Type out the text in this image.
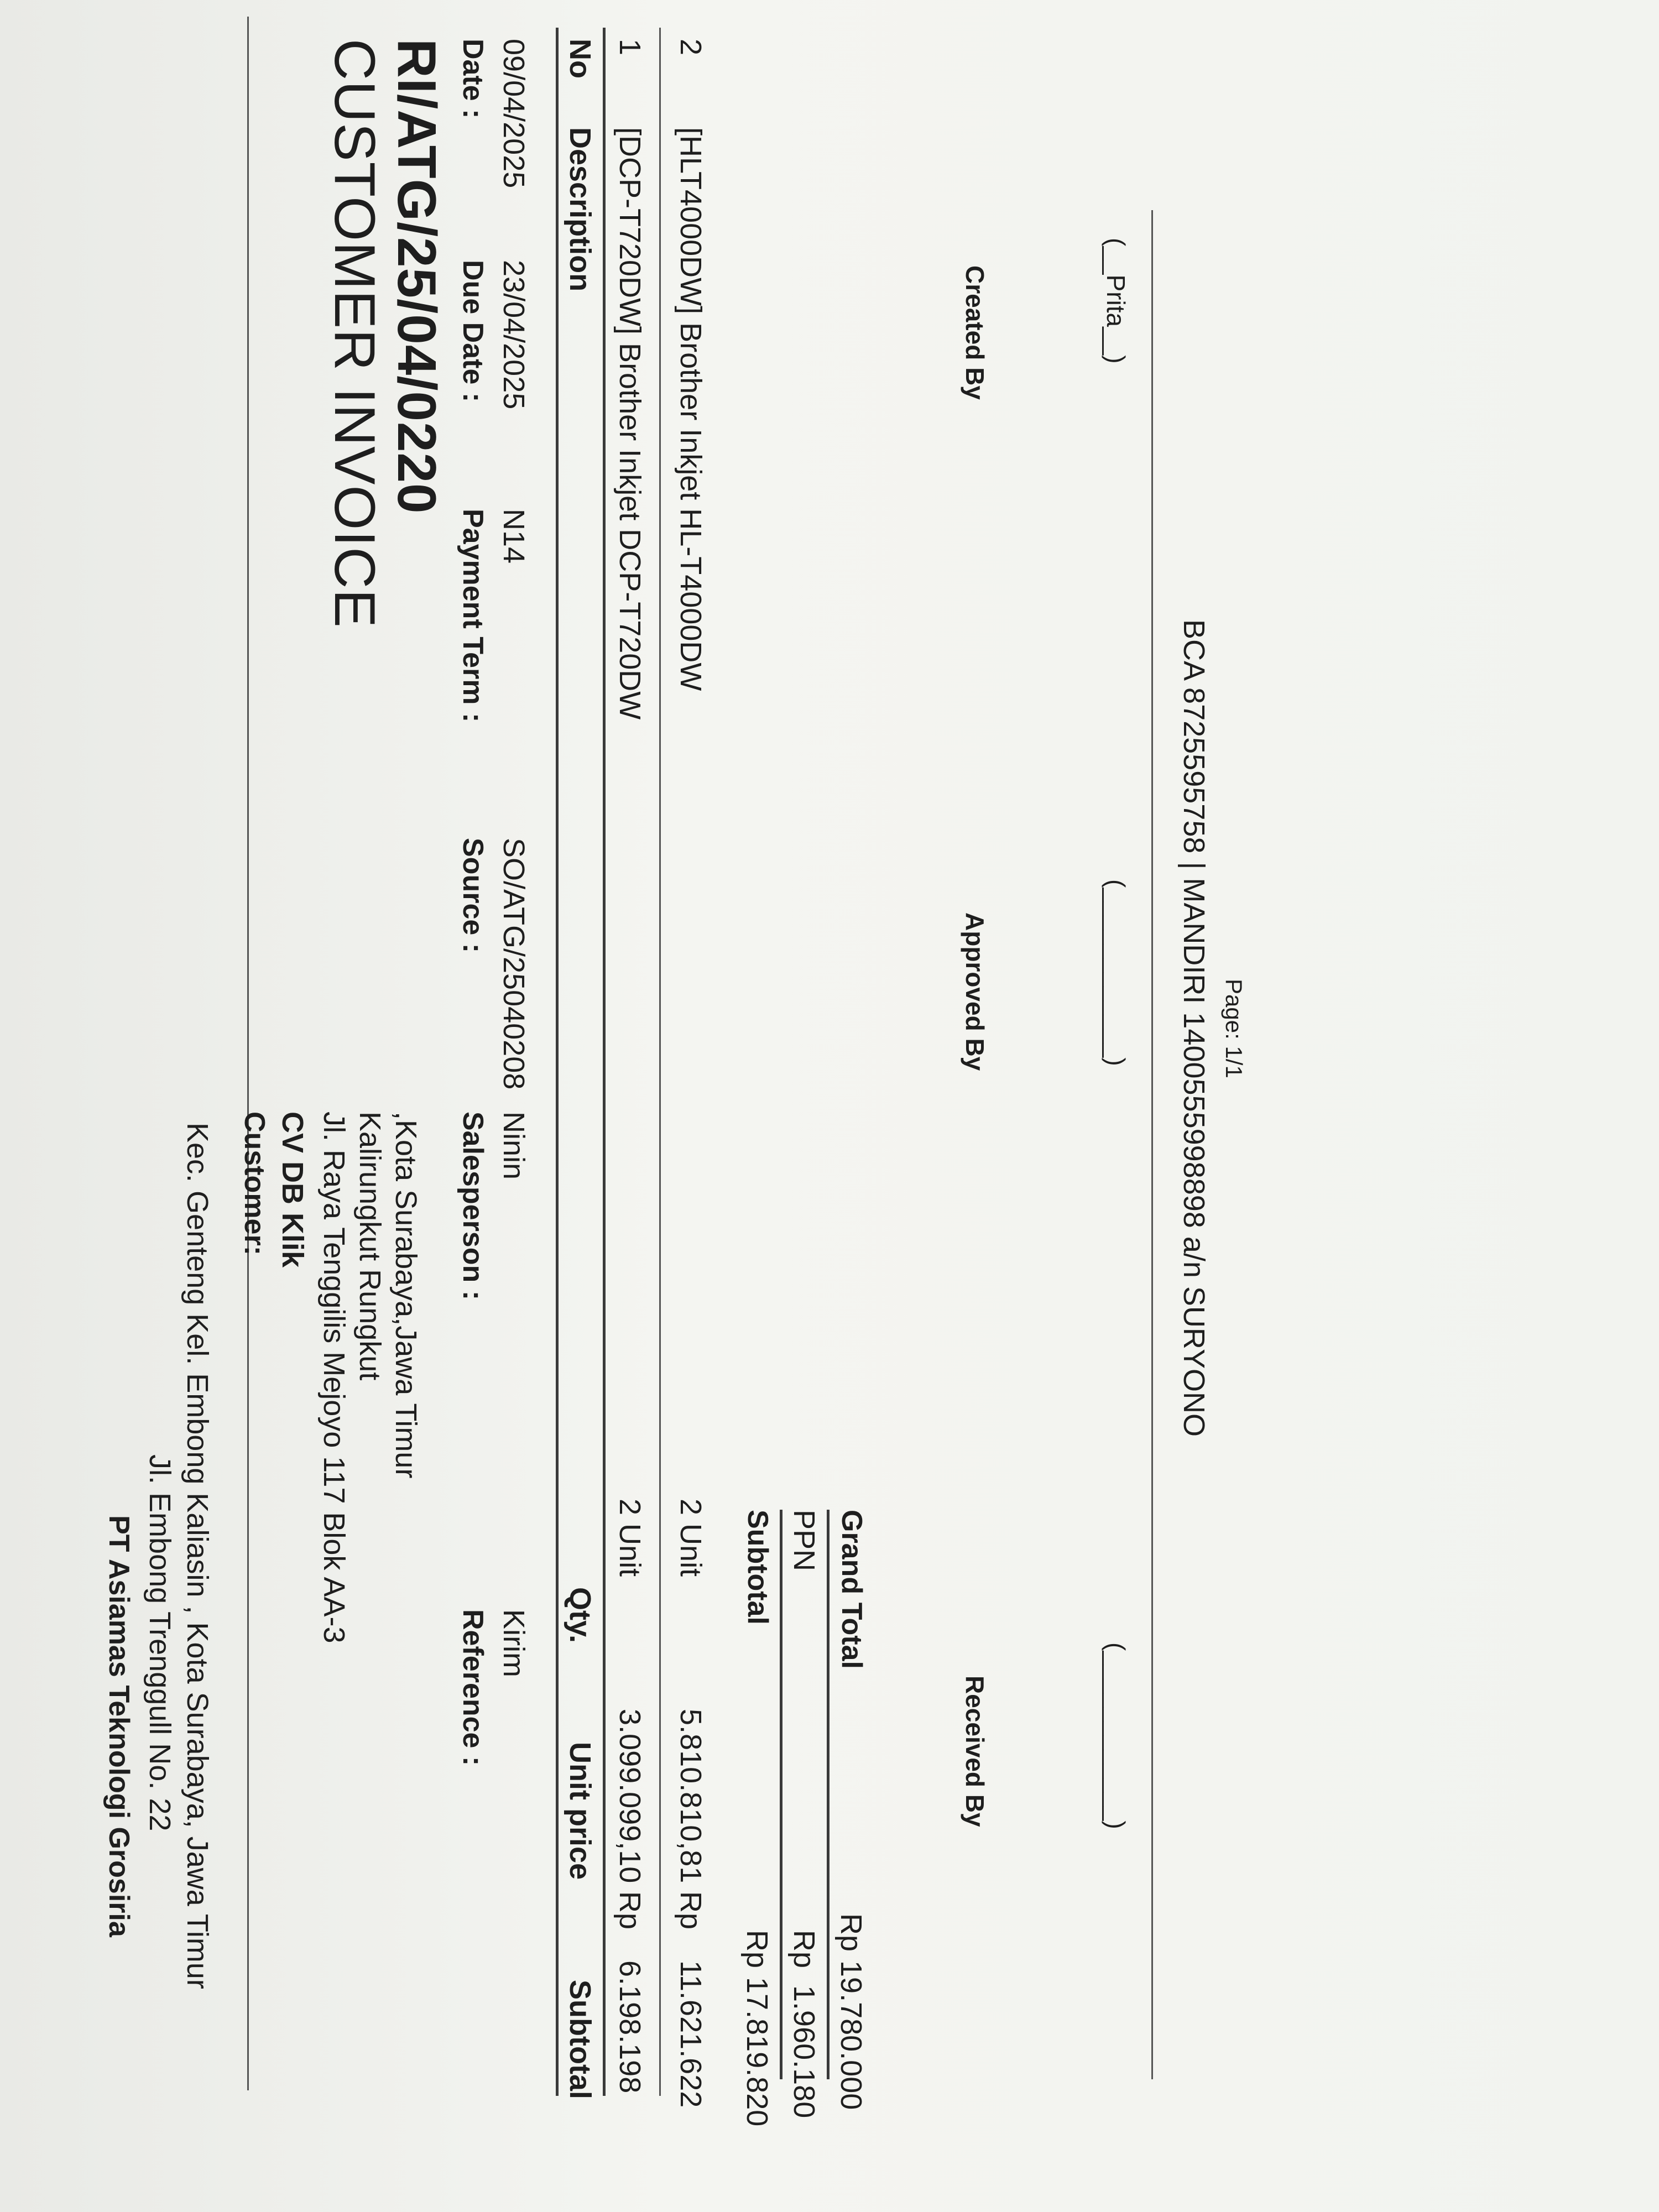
PT Asiamas Teknologi Grosiria Jl. Embong Trenggull No. 22 Kec. Genteng Kel. Embong Kaliasin , Kota Surabaya, Jawa Timur
CUSTOMER INVOICE RI/ATG/25/04/0220
Customer: CV DB Klik Jl. Raya Tenggilis Mejoyo 117 Blok AA-3 Kalirungkut Rungkut ,Kota Surabaya,Jawa Timur
Date :
Due Date :
Payment Term :
Source :
Salesperson :
Reference :
09/04/2025
23/04/2025
N14
SO/ATG/25040208
Ninin
Kirim
No
Description
Qty.
Unit price
Subtotal
1
[DCP-T720DW] Brother Inkjet DCP-T720DW
2 Unit
3.099.099,10
Rp
6.198.198
2
[HLT4000DW] Brother Inkjet HL-T4000DW
2 Unit
5.810.810,81
Rp
11.621.622
Subtotal
Rp
17.819.820
PPN
Rp
1.960.180
Grand Total
Rp
19.780.000
Created By
Approved By
Received By
(__Prita__)
(____________)
(____________)
BCA 8725595758 | MANDIRI 1400555998898 a/n SURYONO Page: 1/1
